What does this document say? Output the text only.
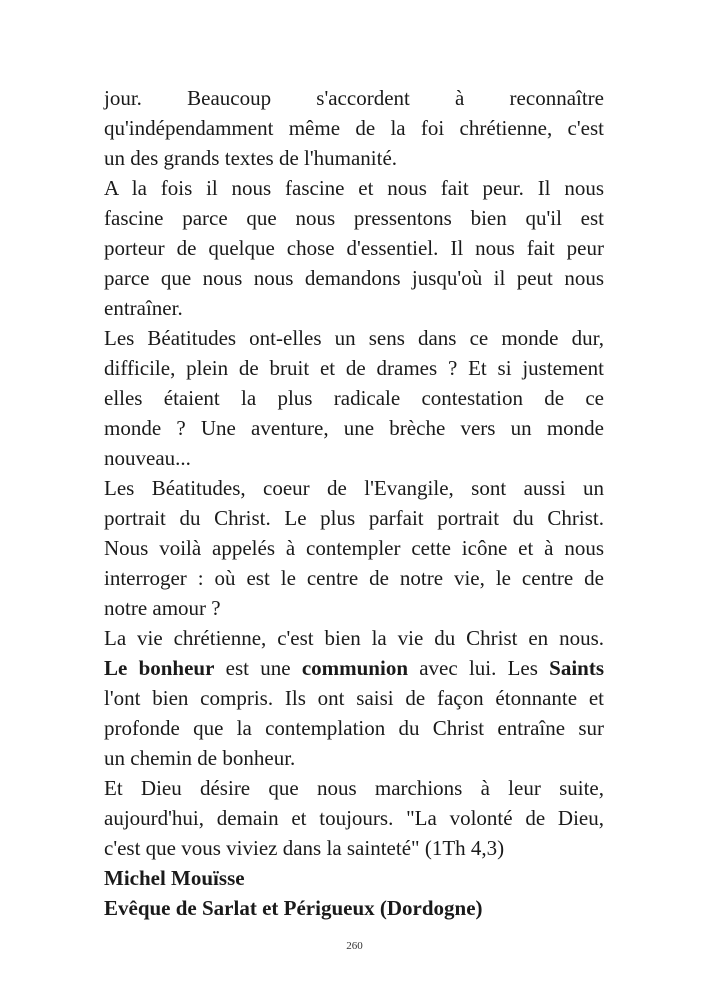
jour. Beaucoup s'accordent à reconnaître
qu'indépendamment même de la foi chrétienne, c'est
un des grands textes de l'humanité.
A la fois il nous fascine et nous fait peur. Il nous
fascine parce que nous pressentons bien qu'il est
porteur de quelque chose d'essentiel. Il nous fait peur
parce que nous nous demandons jusqu'où il peut nous
entraîner.
Les Béatitudes ont-elles un sens dans ce monde dur,
difficile, plein de bruit et de drames ? Et si justement
elles étaient la plus radicale contestation de ce
monde ? Une aventure, une brèche vers un monde
nouveau...
Les Béatitudes, coeur de l'Evangile, sont aussi un
portrait du Christ. Le plus parfait portrait du Christ.
Nous voilà appelés à contempler cette icône et à nous
interroger : où est le centre de notre vie, le centre de
notre amour ?
La vie chrétienne, c'est bien la vie du Christ en nous.
Le bonheur est une communion avec lui. Les Saints
l'ont bien compris. Ils ont saisi de façon étonnante et
profonde que la contemplation du Christ entraîne sur
un chemin de bonheur.
Et Dieu désire que nous marchions à leur suite,
aujourd'hui, demain et toujours. "La volonté de Dieu,
c'est que vous viviez dans la sainteté" (1Th 4,3)
Michel Mouïsse
Evêque de Sarlat et Périgueux (Dordogne)
260
